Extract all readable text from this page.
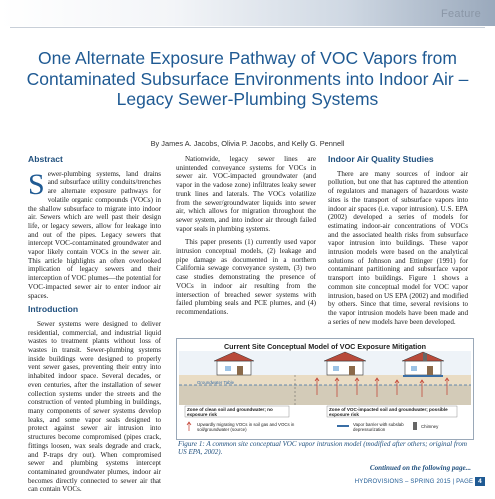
Feature
One Alternate Exposure Pathway of VOC Vapors from Contaminated Subsurface Environments into Indoor Air – Legacy Sewer-Plumbing Systems
By James A. Jacobs, Olivia P. Jacobs, and Kelly G. Pennell
Abstract

Sewer-plumbing systems, land drains and subsurface utility conduits/trenches are alternate exposure pathways for volatile organic compounds (VOCs) in the shallow subsurface to migrate into indoor air. Sewers which are well past their design life, or legacy sewers, allow for leakage into and out of the pipes. Legacy sewers that intercept VOC-contaminated groundwater and vapor likely contain VOCs in the sewer air. This article highlights an often overlooked implication of legacy sewers and their interception of VOC plumes—the potential for VOC-impacted sewer air to enter indoor air spaces.

Introduction

Sewer systems were designed to deliver residential, commercial, and industrial liquid wastes to treatment plants without loss of wastes in transit. Sewer-plumbing systems inside buildings were designed to properly vent sewer gases, preventing their entry into inhabited indoor space. Several decades, or even centuries, after the installation of sewer collection systems under the streets and the construction of vented plumbing in buildings, many components of sewer systems develop leaks, and some vapor seals designed to protect against sewer air intrusion into structures become compromised (pipes crack, fittings loosen, wax seals degrade and crack, and P-traps dry out). When compromised sewer and plumbing systems intercept contaminated groundwater plumes, indoor air becomes directly connected to sewer air that can contain VOCs.

Nationwide, legacy sewer lines are unintended conveyance systems for VOCs in sewer air. VOC-impacted groundwater (and vapor in the vadose zone) infiltrates leaky sewer trunk lines and laterals. The VOCs volatilize from the sewer/groundwater liquids into sewer air, which allows for migration throughout the sewer system, and into indoor air through failed vapor seals in plumbing systems.

This paper presents (1) currently used vapor intrusion conceptual models, (2) leakage and pipe damage as documented in a northern California sewage conveyance system, (3) two case studies demonstrating the presence of VOCs in indoor air resulting from the intersection of breached sewer systems with failed plumbing seals and PCE plumes, and (4) recommendations.

Indoor Air Quality Studies

There are many sources of indoor air pollution, but one that has captured the attention of regulators and managers of hazardous waste sites is the transport of subsurface vapors into indoor air spaces (i.e. vapor intrusion). U.S. EPA (2002) developed a series of models for estimating indoor-air concentrations of VOCs and the associated health risks from subsurface vapor intrusion into buildings. These vapor intrusion models were based on the analytical solutions of Johnson and Ettinger (1991) for contaminant partitioning and subsurface vapor transport into buildings. Figure 1 shows a common site conceptual model for VOC vapor intrusion, based on US EPA (2002) and modified by others. Since that time, several revisions to the vapor intrusion models have been made and a series of new models have been developed.

Current Site Conceptual Model of VOC Exposure Mitigation
Zone of clean soil and groundwater; no exposure risk
Zone of VOC-impacted soil and groundwater; possible exposure risk
Groundwater Table
Upwardly migrating VOCs in soil gas and VOCs in soil/groundwater (source)
Vapor barrier with subslab depressurization
Chimney
Figure 1: A common site conceptual VOC vapor intrusion model (modified after others; original from US EPA, 2002).
Continued on the following page...
HYDROVISIONS – SPRING 2015 | PAGE 4
